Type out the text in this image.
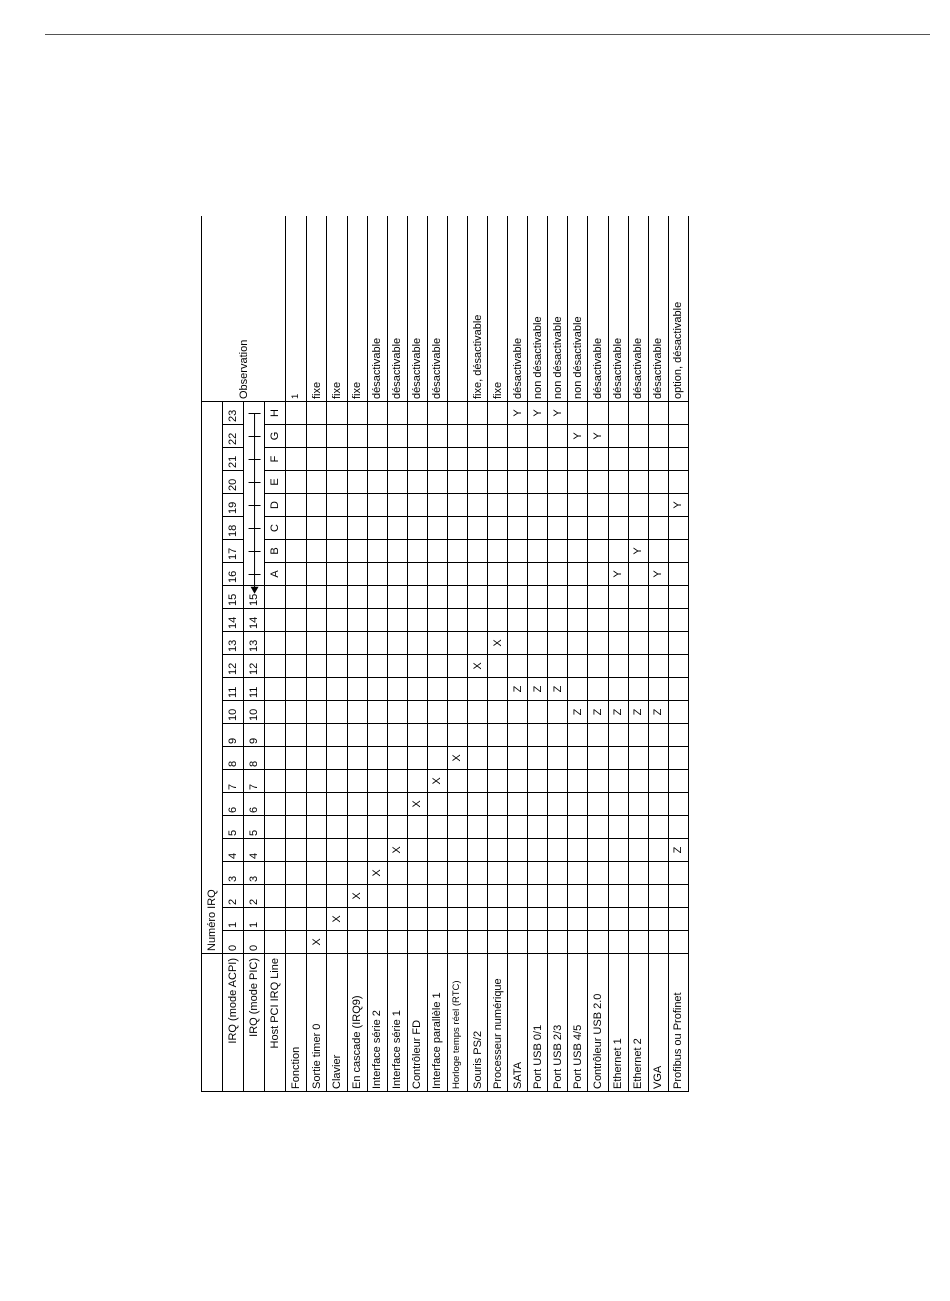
	Numéro IRQ																								Observation
IRQ (mode ACPI)	0	1	2	3	4	5	6	7	8	9	10	11	12	13	14	15	16	17	18	19	20	21	22	23	
IRQ (mode PIC)	0	1	2	3	4	5	6	7	8	9	10	11	12	13	14	15									
Host PCI IRQ Line																	A	B	C	D	E	F	G	H	
Fonction																									1
Sortie timer 0	X																								fixe
Clavier		X																							fixe
En cascade (IRQ9)			X																						fixe
Interface série 2				X																					désactivable
Interface série 1					X																				désactivable
Contrôleur FD							X																		désactivable
Interface parallèle 1								X																	désactivable
Horloge temps réel (RTC)									X																
Souris PS/2													X												fixe, désactivable
Processeur numérique														X											fixe
SATA												Z												Y	désactivable
Port USB 0/1												Z												Y	non désactivable
Port USB 2/3												Z												Y	non désactivable
Port USB 4/5											Z												Y		non désactivable
Contrôleur USB 2.0											Z												Y		désactivable
Ethernet 1											Z						Y								désactivable
Ethernet 2											Z							Y							désactivable
VGA											Z						Y								désactivable
Profibus ou Profinet					Z															Y					option, désactivable
